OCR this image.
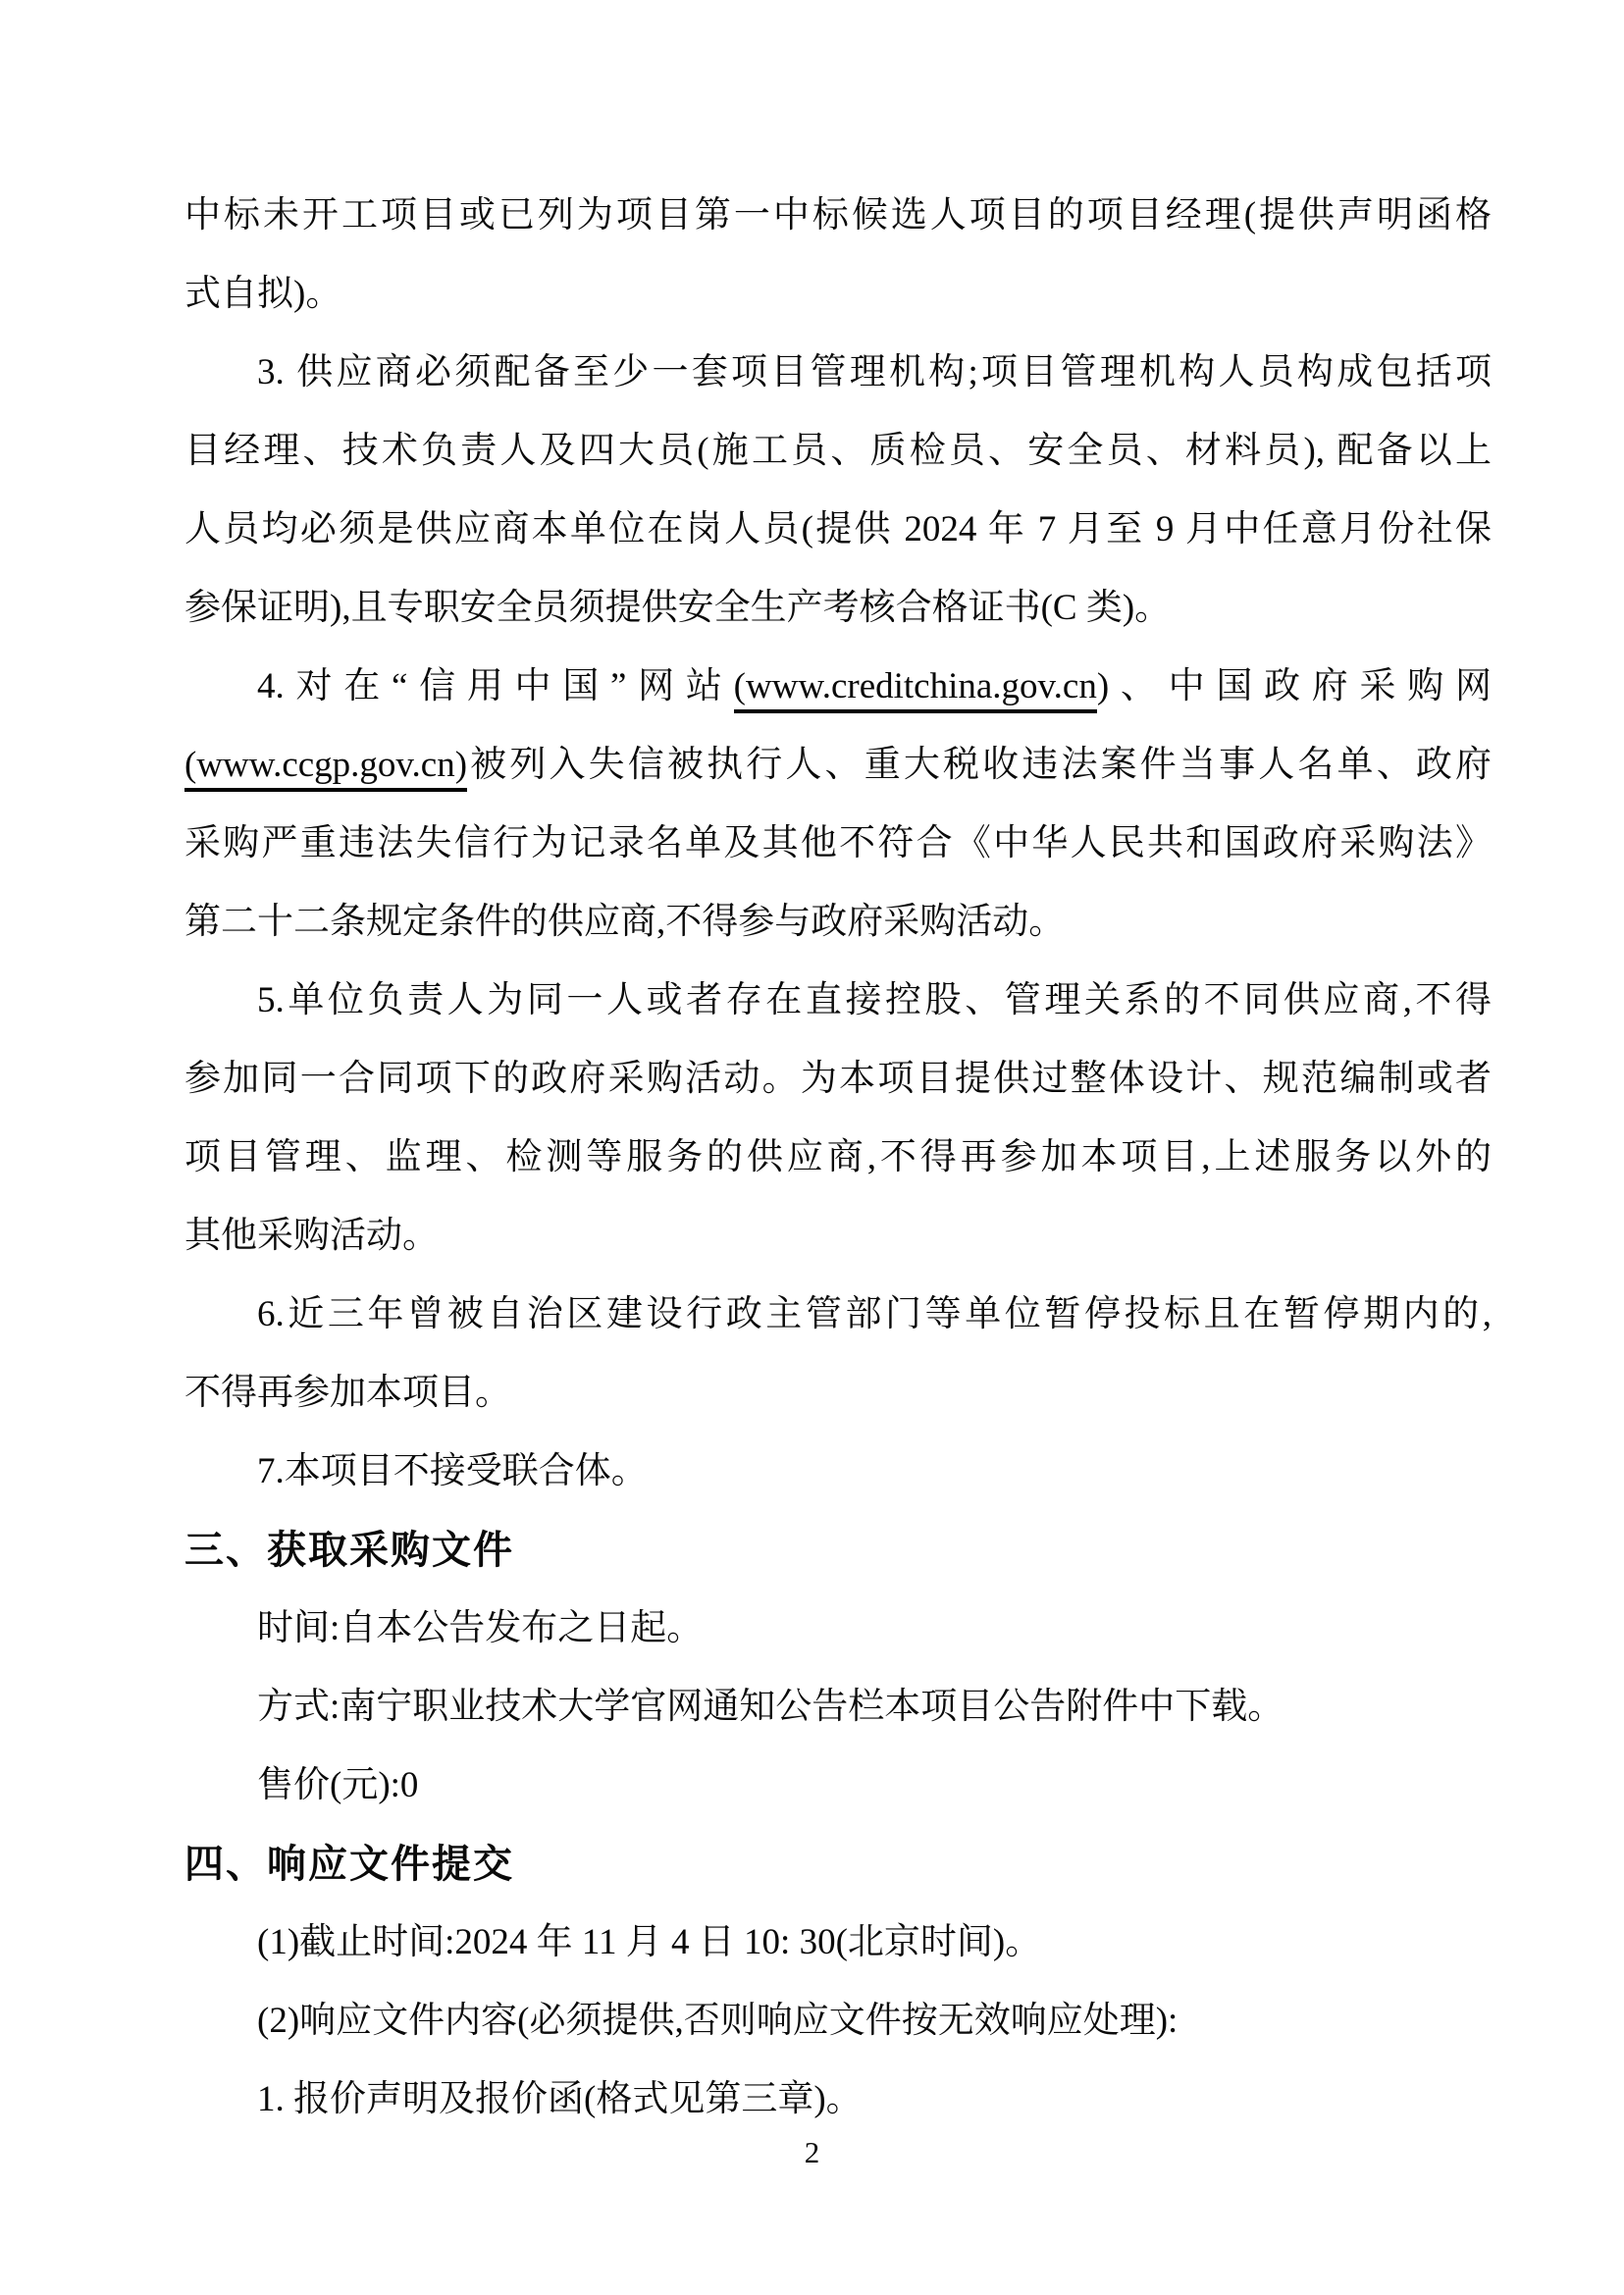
中标未开工项目或已列为项目第一中标候选人项目的项目经理(提供声明函格
式自拟)。
3. 供应商必须配备至少一套项目管理机构;项目管理机构人员构成包括项
目经理、技术负责人及四大员(施工员、质检员、安全员、材料员), 配备以上
人员均必须是供应商本单位在岗人员(提供 2024 年 7 月至 9 月中任意月份社保
参保证明),且专职安全员须提供安全生产考核合格证书(C 类)。
4.对在“信用中国”网站(www.creditchina.gov.cn)、中国政府采购网
(www.ccgp.gov.cn)被列入失信被执行人、重大税收违法案件当事人名单、政府
采购严重违法失信行为记录名单及其他不符合《中华人民共和国政府采购法》
第二十二条规定条件的供应商,不得参与政府采购活动。
5.单位负责人为同一人或者存在直接控股、管理关系的不同供应商,不得
参加同一合同项下的政府采购活动。为本项目提供过整体设计、规范编制或者
项目管理、监理、检测等服务的供应商,不得再参加本项目,上述服务以外的
其他采购活动。
6.近三年曾被自治区建设行政主管部门等单位暂停投标且在暂停期内的,
不得再参加本项目。
7.本项目不接受联合体。
三、获取采购文件
时间:自本公告发布之日起。
方式:南宁职业技术大学官网通知公告栏本项目公告附件中下载。
售价(元):0
四、响应文件提交
(1)截止时间:2024 年 11 月 4 日 10: 30(北京时间)。
(2)响应文件内容(必须提供,否则响应文件按无效响应处理):
1. 报价声明及报价函(格式见第三章)。
2
